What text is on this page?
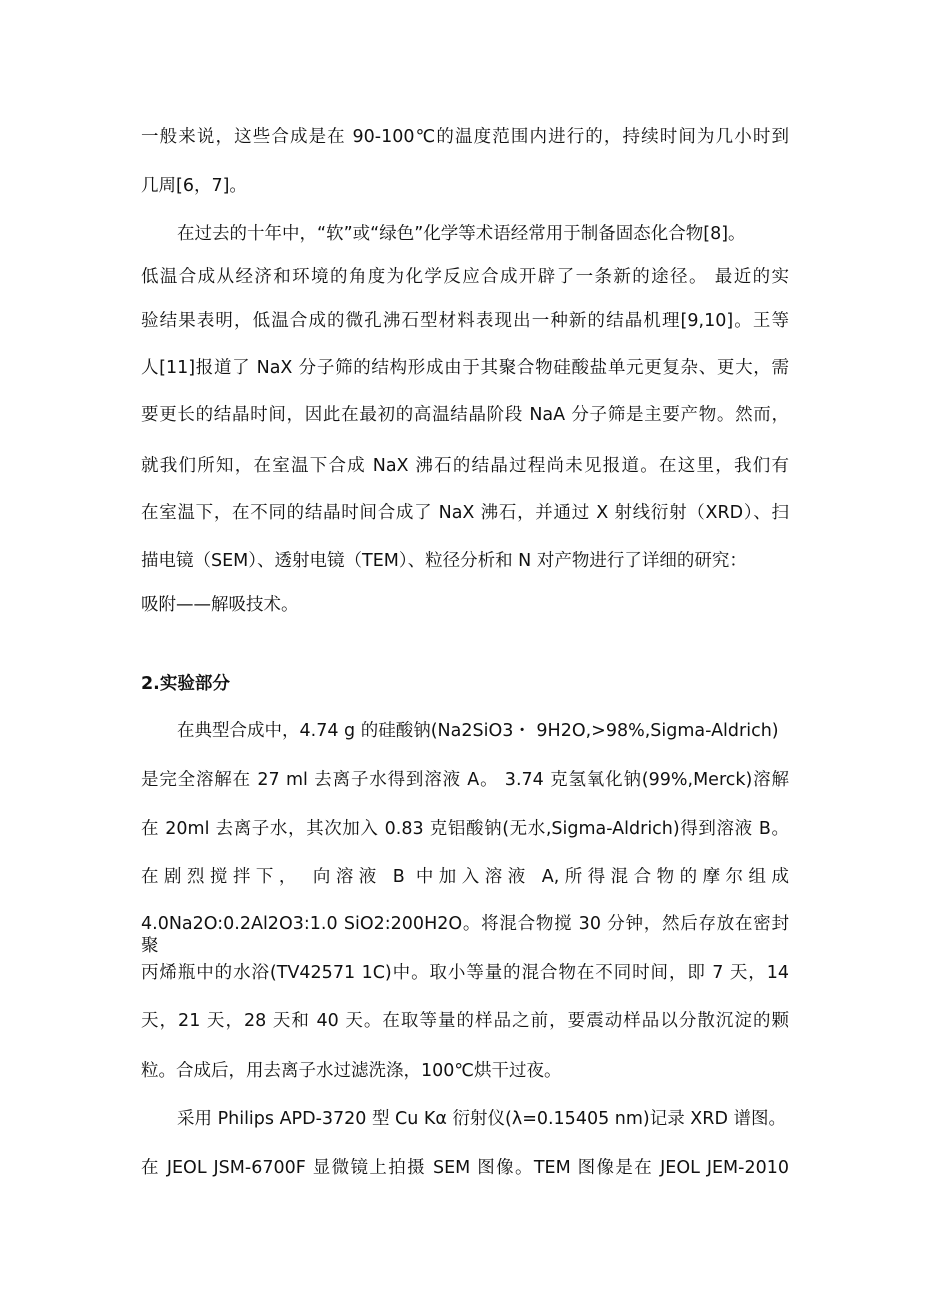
一般来说，这些合成是在 90-100℃的温度范围内进行的，持续时间为几小时到
几周[6，7]。
在过去的十年中，“软”或“绿色”化学等术语经常用于制备固态化合物[8]。
低温合成从经济和环境的角度为化学反应合成开辟了一条新的途径。 最近的实
验结果表明，低温合成的微孔沸石型材料表现出一种新的结晶机理[9,10]。王等
人[11]报道了 NaX 分子筛的结构形成由于其聚合物硅酸盐单元更复杂、更大，需
要更长的结晶时间，因此在最初的高温结晶阶段 NaA 分子筛是主要产物。然而，
就我们所知，在室温下合成 NaX 沸石的结晶过程尚未见报道。在这里，我们有
在室温下，在不同的结晶时间合成了 NaX 沸石，并通过 X 射线衍射（XRD）、扫
描电镜（SEM）、透射电镜（TEM）、粒径分析和 N 对产物进行了详细的研究：
吸附——解吸技术。
2.实验部分
在典型合成中，4.74 g 的硅酸钠(Na2SiO3・ 9H2O,>98%,Sigma-Aldrich)
是完全溶解在 27 ml 去离子水得到溶液 A。 3.74 克氢氧化钠(99%,Merck)溶解
在 20ml 去离子水，其次加入 0.83 克铝酸钠(无水,Sigma-Aldrich)得到溶液 B。
在剧烈搅拌下， 向溶液 B 中加入溶液 A,所得混合物的摩尔组成
4.0Na2O:0.2Al2O3:1.0 SiO2:200H2O。将混合物搅 30 分钟，然后存放在密封聚
丙烯瓶中的水浴(TV42571 1C)中。取小等量的混合物在不同时间，即 7 天，14
天，21 天，28 天和 40 天。在取等量的样品之前，要震动样品以分散沉淀的颗
粒。合成后，用去离子水过滤洗涤，100℃烘干过夜。
采用 Philips APD-3720 型 Cu Kα 衍射仪(λ=0.15405 nm)记录 XRD 谱图。
在 JEOL JSM-6700F 显微镜上拍摄 SEM 图像。TEM 图像是在 JEOL JEM-2010
